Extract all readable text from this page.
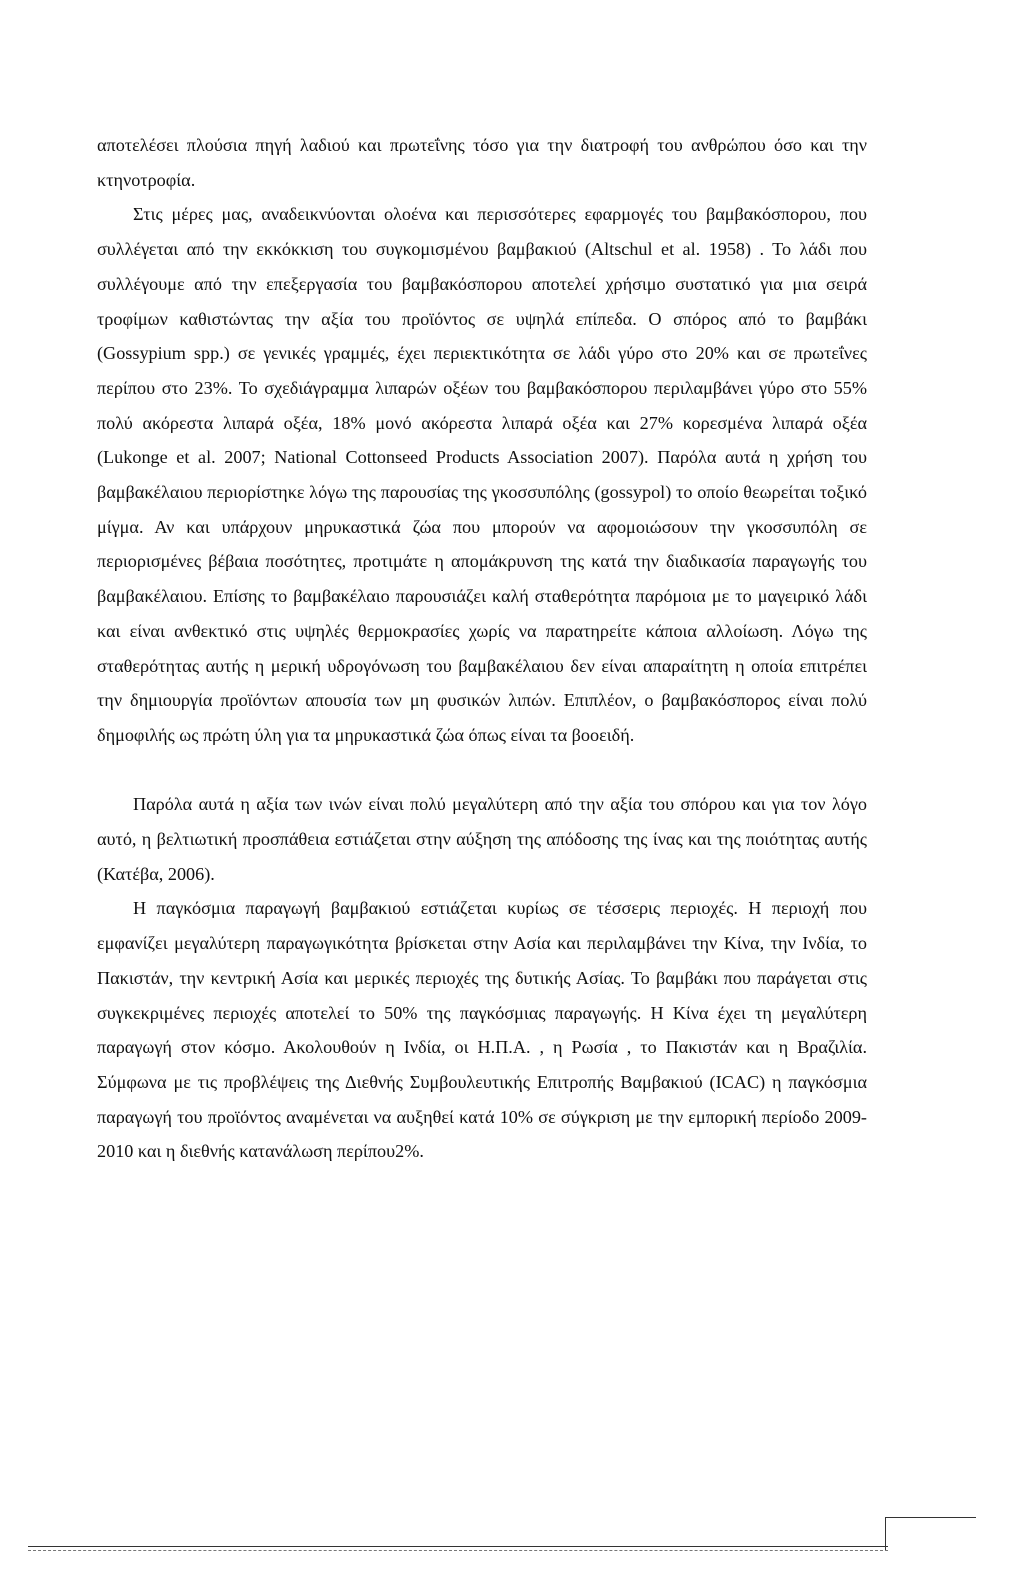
αποτελέσει πλούσια πηγή λαδιού και πρωτεΐνης τόσο για την διατροφή του ανθρώπου όσο και την κτηνοτροφία.

Στις μέρες μας, αναδεικνύονται ολοένα και περισσότερες εφαρμογές του βαμβακόσπορου, που συλλέγεται από την εκκόκκιση του συγκομισμένου βαμβακιού (Altschul et al. 1958) . Το λάδι που συλλέγουμε από την επεξεργασία του βαμβακόσπορου αποτελεί χρήσιμο συστατικό για μια σειρά τροφίμων καθιστώντας την αξία του προϊόντος σε υψηλά επίπεδα. Ο σπόρος από το βαμβάκι (Gossypium spp.) σε γενικές γραμμές, έχει περιεκτικότητα σε λάδι γύρο στο 20% και σε πρωτεΐνες περίπου στο 23%. Το σχεδιάγραμμα λιπαρών οξέων του βαμβακόσπορου περιλαμβάνει γύρο στο 55% πολύ ακόρεστα λιπαρά οξέα, 18% μονό ακόρεστα λιπαρά οξέα και 27% κορεσμένα λιπαρά οξέα (Lukonge et al. 2007; National Cottonseed Products Association 2007). Παρόλα αυτά η χρήση του βαμβακέλαιου περιορίστηκε λόγω της παρουσίας της γκοσσυπόλης (gossypol) το οποίο θεωρείται τοξικό μίγμα. Αν και υπάρχουν μηρυκαστικά ζώα που μπορούν να αφομοιώσουν την γκοσσυπόλη σε περιορισμένες βέβαια ποσότητες, προτιμάτε η απομάκρυνση της κατά την διαδικασία παραγωγής του βαμβακέλαιου. Επίσης το βαμβακέλαιο παρουσιάζει καλή σταθερότητα παρόμοια με το μαγειρικό λάδι και είναι ανθεκτικό στις υψηλές θερμοκρασίες χωρίς να παρατηρείτε κάποια αλλοίωση. Λόγω της σταθερότητας αυτής η μερική υδρογόνωση του βαμβακέλαιου δεν είναι απαραίτητη η οποία επιτρέπει την δημιουργία προϊόντων απουσία των μη φυσικών λιπών. Επιπλέον, ο βαμβακόσπορος είναι πολύ δημοφιλής ως πρώτη ύλη για τα μηρυκαστικά ζώα όπως είναι τα βοοειδή.

Παρόλα αυτά η αξία των ινών είναι πολύ μεγαλύτερη από την αξία του σπόρου και για τον λόγο αυτό, η βελτιωτική προσπάθεια εστιάζεται στην αύξηση της απόδοσης της ίνας και της ποιότητας αυτής (Κατέβα, 2006).

Η παγκόσμια παραγωγή βαμβακιού εστιάζεται κυρίως σε τέσσερις περιοχές. Η περιοχή που εμφανίζει μεγαλύτερη παραγωγικότητα βρίσκεται στην Ασία και περιλαμβάνει την Κίνα, την Ινδία, το Πακιστάν, την κεντρική Ασία και μερικές περιοχές της δυτικής Ασίας. Το βαμβάκι που παράγεται στις συγκεκριμένες περιοχές αποτελεί το 50% της παγκόσμιας παραγωγής. Η Κίνα έχει τη μεγαλύτερη παραγωγή στον κόσμο. Ακολουθούν η Ινδία, οι Η.Π.Α. , η Ρωσία , το Πακιστάν και η Βραζιλία. Σύμφωνα με τις προβλέψεις της Διεθνής Συμβουλευτικής Επιτροπής Βαμβακιού (ICAC) η παγκόσμια παραγωγή του προϊόντος αναμένεται να αυξηθεί κατά 10% σε σύγκριση με την εμπορική περίοδο 2009-2010 και η διεθνής κατανάλωση περίπου2%.
